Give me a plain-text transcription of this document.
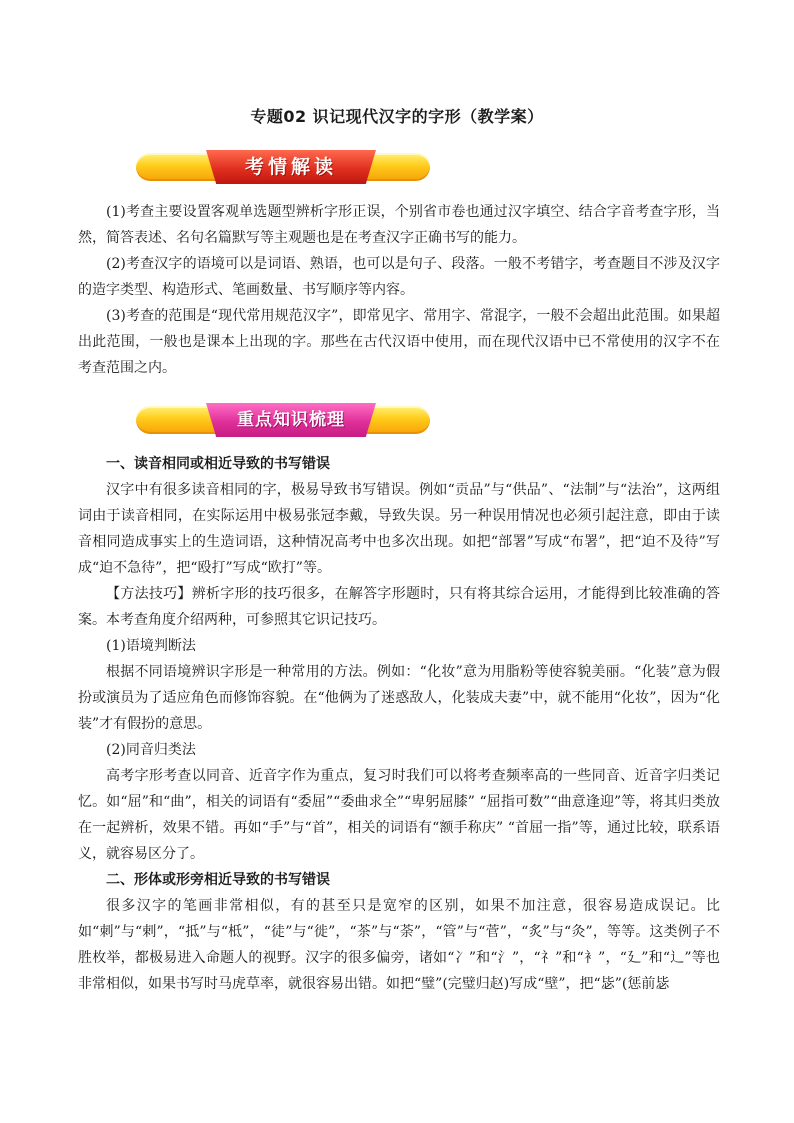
专题02 识记现代汉字的字形（教学案）
考情解读

(1)考查主要设置客观单选题型辨析字形正误，个别省市卷也通过汉字填空、结合字音考查字形，当然，简答表述、名句名篇默写等主观题也是在考查汉字正确书写的能力。

(2)考查汉字的语境可以是词语、熟语，也可以是句子、段落。一般不考错字，考查题目不涉及汉字的造字类型、构造形式、笔画数量、书写顺序等内容。

(3)考查的范围是“现代常用规范汉字”，即常见字、常用字、常混字，一般不会超出此范围。如果超出此范围，一般也是课本上出现的字。那些在古代汉语中使用，而在现代汉语中已不常使用的汉字不在考查范围之内。

重点知识梳理

一、读音相同或相近导致的书写错误

汉字中有很多读音相同的字，极易导致书写错误。例如“贡品”与“供品”、“法制”与“法治”，这两组词由于读音相同，在实际运用中极易张冠李戴，导致失误。另一种误用情况也必须引起注意，即由于读音相同造成事实上的生造词语，这种情况高考中也多次出现。如把“部署”写成“布署”，把“迫不及待”写成“迫不急待”，把“殴打”写成“欧打”等。

【方法技巧】辨析字形的技巧很多，在解答字形题时，只有将其综合运用，才能得到比较准确的答案。本考查角度介绍两种，可参照其它识记技巧。

(1)语境判断法

根据不同语境辨识字形是一种常用的方法。例如：“化妆”意为用脂粉等使容貌美丽。“化装”意为假扮或演员为了适应角色而修饰容貌。在“他俩为了迷惑敌人，化装成夫妻”中，就不能用“化妆”，因为“化装”才有假扮的意思。

(2)同音归类法

高考字形考查以同音、近音字作为重点，复习时我们可以将考查频率高的一些同音、近音字归类记忆。如“屈”和“曲”，相关的词语有“委屈”“委曲求全”“卑躬屈膝” “屈指可数”“曲意逢迎”等，将其归类放在一起辨析，效果不错。再如“手”与“首”，相关的词语有“额手称庆” “首屈一指”等，通过比较，联系语义，就容易区分了。

二、形体或形旁相近导致的书写错误

很多汉字的笔画非常相似，有的甚至只是宽窄的区别，如果不加注意，很容易造成误记。比如“刺”与“剌”，“抵”与“柢”，“徒”与“徙”，“茶”与“荼”，“管”与“菅”，“炙”与“灸”，等等。这类例子不胜枚举，都极易进入命题人的视野。汉字的很多偏旁，诸如“冫”和“氵”，“礻”和“衤”，“廴”和“辶”等也非常相似，如果书写时马虎草率，就很容易出错。如把“璧”(完璧归赵)写成“壁”，把“毖”(惩前毖
